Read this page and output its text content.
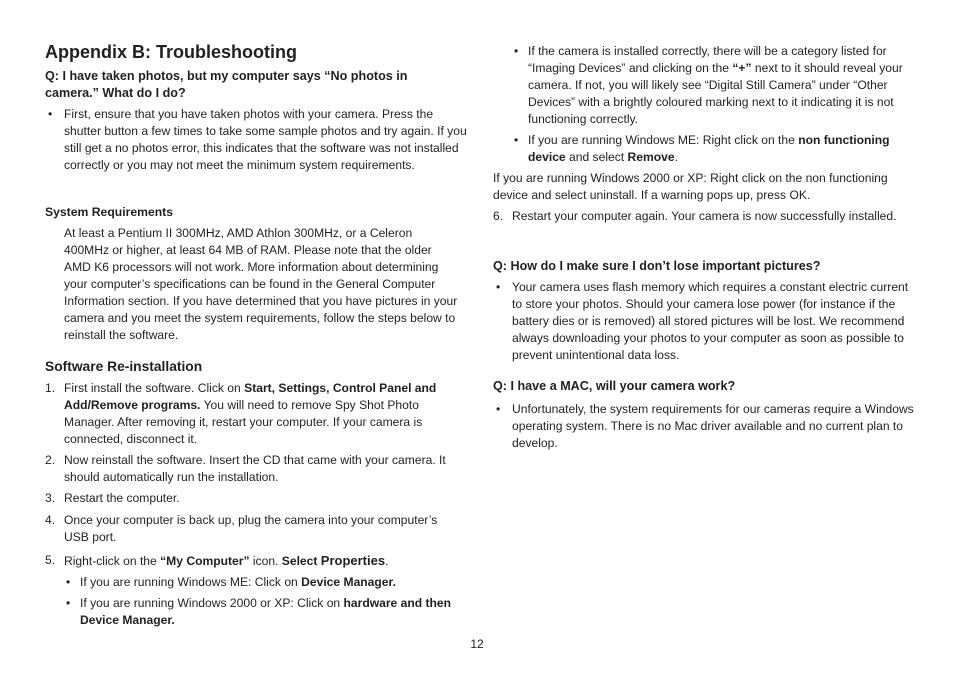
Appendix B: Troubleshooting

Q: I have taken photos, but my computer says “No photos in camera.” What do I do?

• First, ensure that you have taken photos with your camera. Press the shutter button a few times to take some sample photos and try again. If you still get a no photos error, this indicates that the software was not installed correctly or you may not meet the minimum system requirements.

System Requirements

At least a Pentium II 300MHz, AMD Athlon 300MHz, or a Celeron 400MHz or higher, at least 64 MB of RAM. Please note that the older AMD K6 processors will not work. More information about determining your computer’s specifications can be found in the General Computer Information section. If you have determined that you have pictures in your camera and you meet the system requirements, follow the steps below to reinstall the software.

Software Re-installation

1. First install the software. Click on Start, Settings, Control Panel and Add/Remove programs. You will need to remove Spy Shot Photo Manager. After removing it, restart your computer. If your camera is connected, disconnect it.

2. Now reinstall the software. Insert the CD that came with your camera. It should automatically run the installation.

3. Restart the computer.

4. Once your computer is back up, plug the camera into your computer’s USB port.

5. Right-click on the “My Computer” icon. Select Properties.

• If you are running Windows ME: Click on Device Manager.

• If you are running Windows 2000 or XP: Click on hardware and then Device Manager.

• If the camera is installed correctly, there will be a category listed for “Imaging Devices” and clicking on the “+” next to it should reveal your camera. If not, you will likely see “Digital Still Camera” under “Other Devices” with a brightly coloured marking next to it indicating it is not functioning correctly.

• If you are running Windows ME: Right click on the non functioning device and select Remove.

If you are running Windows 2000 or XP: Right click on the non functioning device and select uninstall. If a warning pops up, press OK.

6. Restart your computer again. Your camera is now successfully installed.

Q: How do I make sure I don’t lose important pictures?

• Your camera uses flash memory which requires a constant electric current to store your photos. Should your camera lose power (for instance if the battery dies or is removed) all stored pictures will be lost. We recommend always downloading your photos to your computer as soon as possible to prevent unintentional data loss.

Q: I have a MAC, will your camera work?

• Unfortunately, the system requirements for our cameras require a Windows operating system. There is no Mac driver available and no current plan to develop.

12
